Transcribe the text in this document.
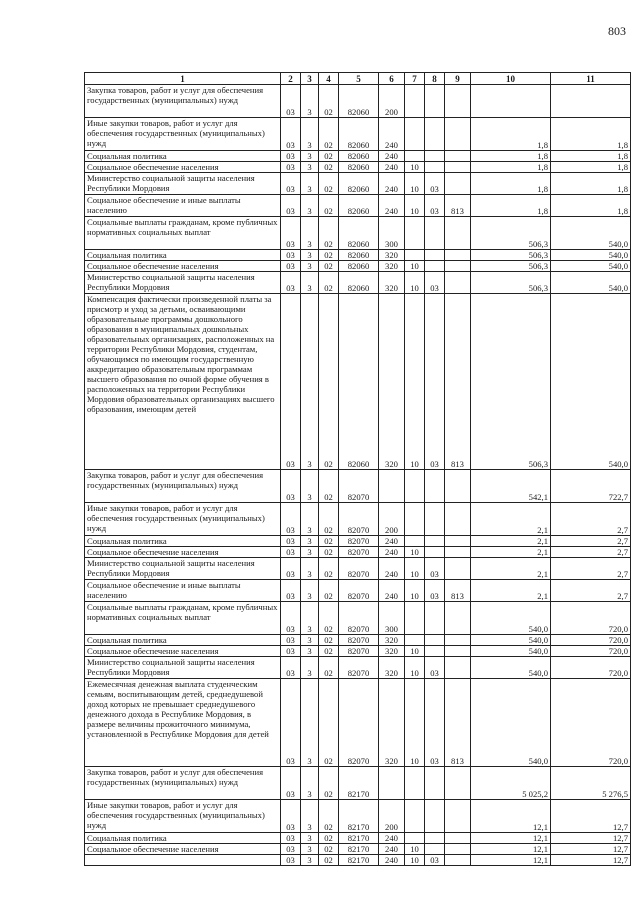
803
1	2	3	4	5	6	7	8	9	10	11
Закупка товаров, работ и услуг для обеспечения государственных (муниципальных) нужд	03	3	02	82060	200					
Иные закупки товаров, работ и услуг для обеспечения государственных (муниципальных) нужд	03	3	02	82060	240				1,8	1,8
Социальная политика	03	3	02	82060	240				1,8	1,8
Социальное обеспечение населения	03	3	02	82060	240	10			1,8	1,8
Министерство социальной защиты населения Республики Мордовия	03	3	02	82060	240	10	03		1,8	1,8
Социальное обеспечение и иные выплаты населению	03	3	02	82060	240	10	03	813	1,8	1,8
Социальные выплаты гражданам, кроме публичных нормативных социальных выплат	03	3	02	82060	300				506,3	540,0
Социальная политика	03	3	02	82060	320				506,3	540,0
Социальное обеспечение населения	03	3	02	82060	320	10			506,3	540,0
Министерство социальной защиты населения Республики Мордовия	03	3	02	82060	320	10	03		506,3	540,0
Компенсация фактически произведенной платы за присмотр и уход за детьми, осваивающими образовательные программы дошкольного образования в муниципальных дошкольных образовательных организациях, расположенных на территории Республики Мордовия, студентам, обучающимся по имеющим государственную аккредитацию образовательным программам высшего образования по очной форме обучения в расположенных на территории Республики Мордовия образовательных организациях высшего образования, имеющим детей	03	3	02	82060	320	10	03	813	506,3	540,0
Закупка товаров, работ и услуг для обеспечения государственных (муниципальных) нужд	03	3	02	82070					542,1	722,7
Иные закупки товаров, работ и услуг для обеспечения государственных (муниципальных) нужд	03	3	02	82070	200				2,1	2,7
Социальная политика	03	3	02	82070	240				2,1	2,7
Социальное обеспечение населения	03	3	02	82070	240	10			2,1	2,7
Министерство социальной защиты населения Республики Мордовия	03	3	02	82070	240	10	03		2,1	2,7
Социальное обеспечение и иные выплаты населению	03	3	02	82070	240	10	03	813	2,1	2,7
Социальные выплаты гражданам, кроме публичных нормативных социальных выплат	03	3	02	82070	300				540,0	720,0
Социальная политика	03	3	02	82070	320				540,0	720,0
Социальное обеспечение населения	03	3	02	82070	320	10			540,0	720,0
Министерство социальной защиты населения Республики Мордовия	03	3	02	82070	320	10	03		540,0	720,0
Ежемесячная денежная выплата студенческим семьям, воспитывающим детей, среднедушевой доход которых не превышает среднедушевого денежного дохода в Республике Мордовия, в размере величины прожиточного минимума, установленной в Республике Мордовия для детей	03	3	02	82070	320	10	03	813	540,0	720,0
Закупка товаров, работ и услуг для обеспечения государственных (муниципальных) нужд	03	3	02	82170					5 025,2	5 276,5
Иные закупки товаров, работ и услуг для обеспечения государственных (муниципальных) нужд	03	3	02	82170	200				12,1	12,7
Социальная политика	03	3	02	82170	240				12,1	12,7
Социальное обеспечение населения	03	3	02	82170	240	10			12,1	12,7
	03	3	02	82170	240	10	03		12,1	12,7
